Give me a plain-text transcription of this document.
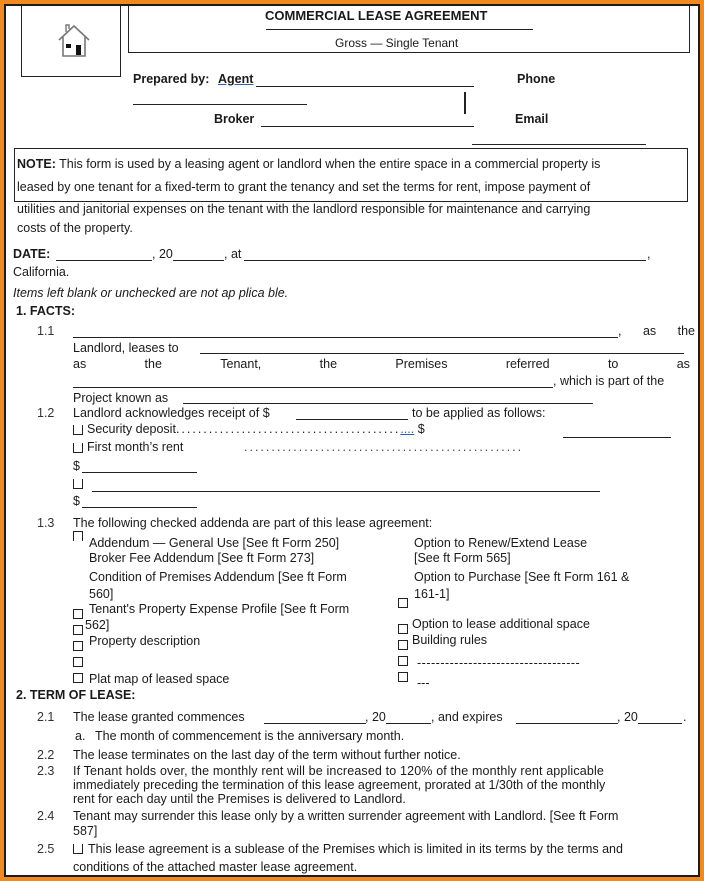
COMMERCIAL LEASE AGREEMENT
Gross — Single Tenant
Prepared by: Agent	Phone
Broker	Email
NOTE: This form is used by a leasing agent or landlord when the entire space in a commercial property is
leased by one tenant for a fixed-term to grant the tenancy and set the terms for rent, impose payment of
utilities and janitorial expenses on the tenant with the landlord responsible for maintenance and carrying
costs of the property.
DATE:	, 20	, at	,
California.
Items left blank or unchecked are not ap plica ble.
1. FACTS:
1.1	, as the
Landlord, leases to
as	the	Tenant,	the	Premises	referred	to	as
, which is part of the
Project known as
1.2 Landlord acknowledges receipt of $	to be applied as follows:
Security deposit............................................. $
First month’s rent	...................................................
$
$
1.3 The following checked addenda are part of this lease agreement:
Addendum — General Use [See ft Form 250]
Broker Fee Addendum [See ft Form 273]
Condition of Premises Addendum [See ft Form
560]
Tenant's Property Expense Profile [See ft Form
562]
Property description
Plat map of leased space
Option to Renew/Extend Lease
[See ft Form 565]
Option to Purchase [See ft Form 161 &
161-1]
Option to lease additional space
Building rules
-----------------------------------
---
2. TERM OF LEASE:
2.1 The lease granted commences	, 20	, and expires	, 20	.
a. The month of commencement is the anniversary month.
2.2 The lease terminates on the last day of the term without further notice.
2.3 If Tenant holds over, the monthly rent will be increased to 120% of the monthly rent applicable
immediately preceding the termination of this lease agreement, prorated at 1/30th of the monthly
rent for each day until the Premises is delivered to Landlord.
2.4 Tenant may surrender this lease only by a written surrender agreement with Landlord. [See ft Form
587]
2.5	This lease agreement is a sublease of the Premises which is limited in its terms by the terms and
conditions of the attached master lease agreement.
